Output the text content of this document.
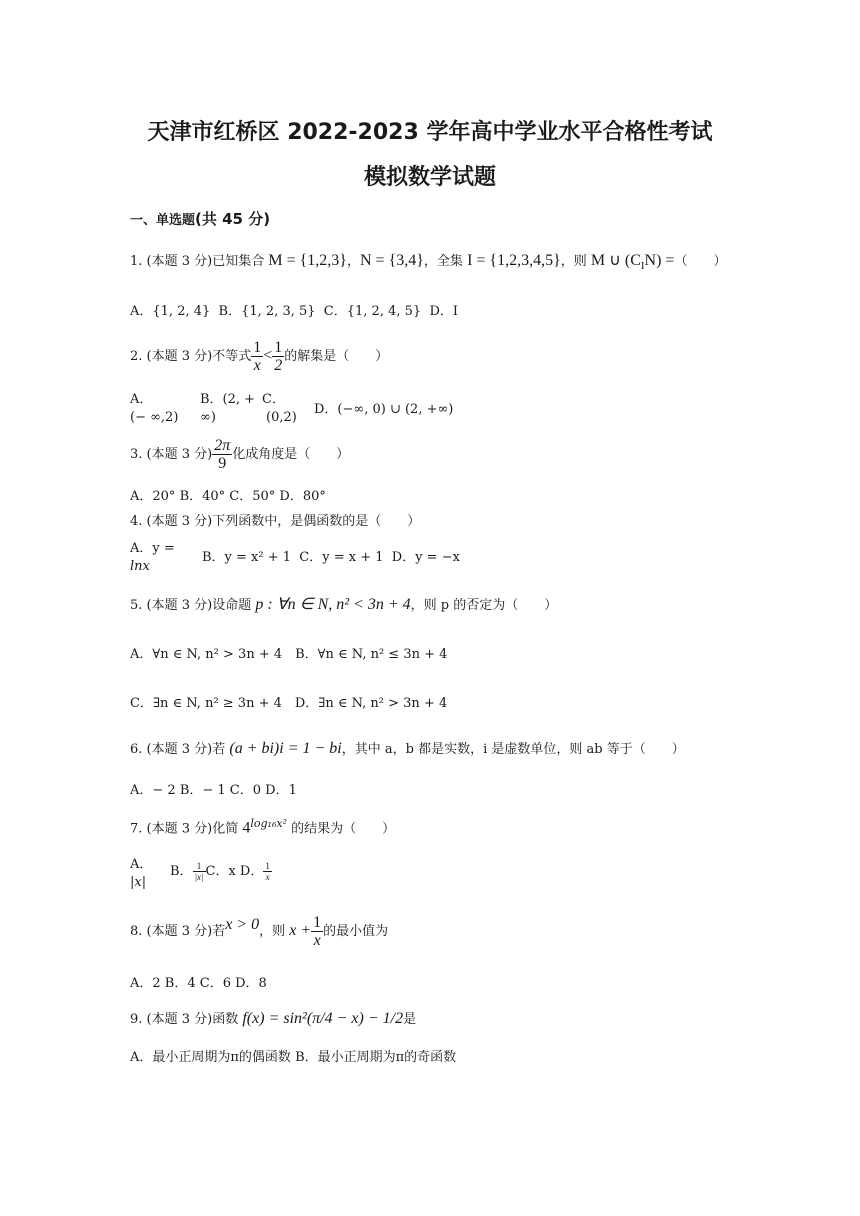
天津市红桥区 2022-2023 学年高中学业水平合格性考试
模拟数学试题
一、单选题(共 45 分)
1. (本题 3 分)已知集合 M = {1,2,3}，N = {3,4}，全集 I = {1,2,3,4,5}，则 M ∪ $(C_IN)$ =（　　）
A．{1, 2, 4} B．{1, 2, 3, 5} C．{1, 2, 4, 5} D．I
2. (本题 3 分)不等式 $\frac{1}{x} < \frac{1}{2}$ 的解集是（　　）
A．
(− ∞,2)
B．(2, +
∞)
C．
(0,2)
D．(−∞, 0) ∪ (2, +∞)
3. (本题 3 分) $\frac{2\pi}{9}$ 化成角度是（　　）
A．20° B．40° C．50° D．80°
4. (本题 3 分)下列函数中，是偶函数的是（　　）
A．y =
lnx
B．y = x² + 1 C．y = x + 1 D．y = −x
5. (本题 3 分)设命题 p : ∀n ∈ N, n² < 3n + 4，则 p 的否定为（　　）
A．∀n ∈ N, n² > 3n + 4　B．∀n ∈ N, n² ≤ 3n + 4
C．∃n ∈ N, n² ≥ 3n + 4　D．∃n ∈ N, n² > 3n + 4
6. (本题 3 分)若 (a + bi)i = 1 − bi，其中 a，b 都是实数，i 是虚数单位，则 ab 等于（　　）
A．− 2 B．− 1 C．0 D．1
7. (本题 3 分)化简 $4^{log_{16}x^2}$ 的结果为（　　）
A．
|x|
B． $\frac{1}{|x|}$ C．x D． $\frac{1}{x}$
8. (本题 3 分)若x > 0，则 $x + \frac{1}{x}$ 的最小值为
A．2 B．4 C．6 D．8
9. (本题 3 分)函数 f(x) = sin²(π/4 − x) − 1/2是
A．最小正周期为π的偶函数 B．最小正周期为π的奇函数
